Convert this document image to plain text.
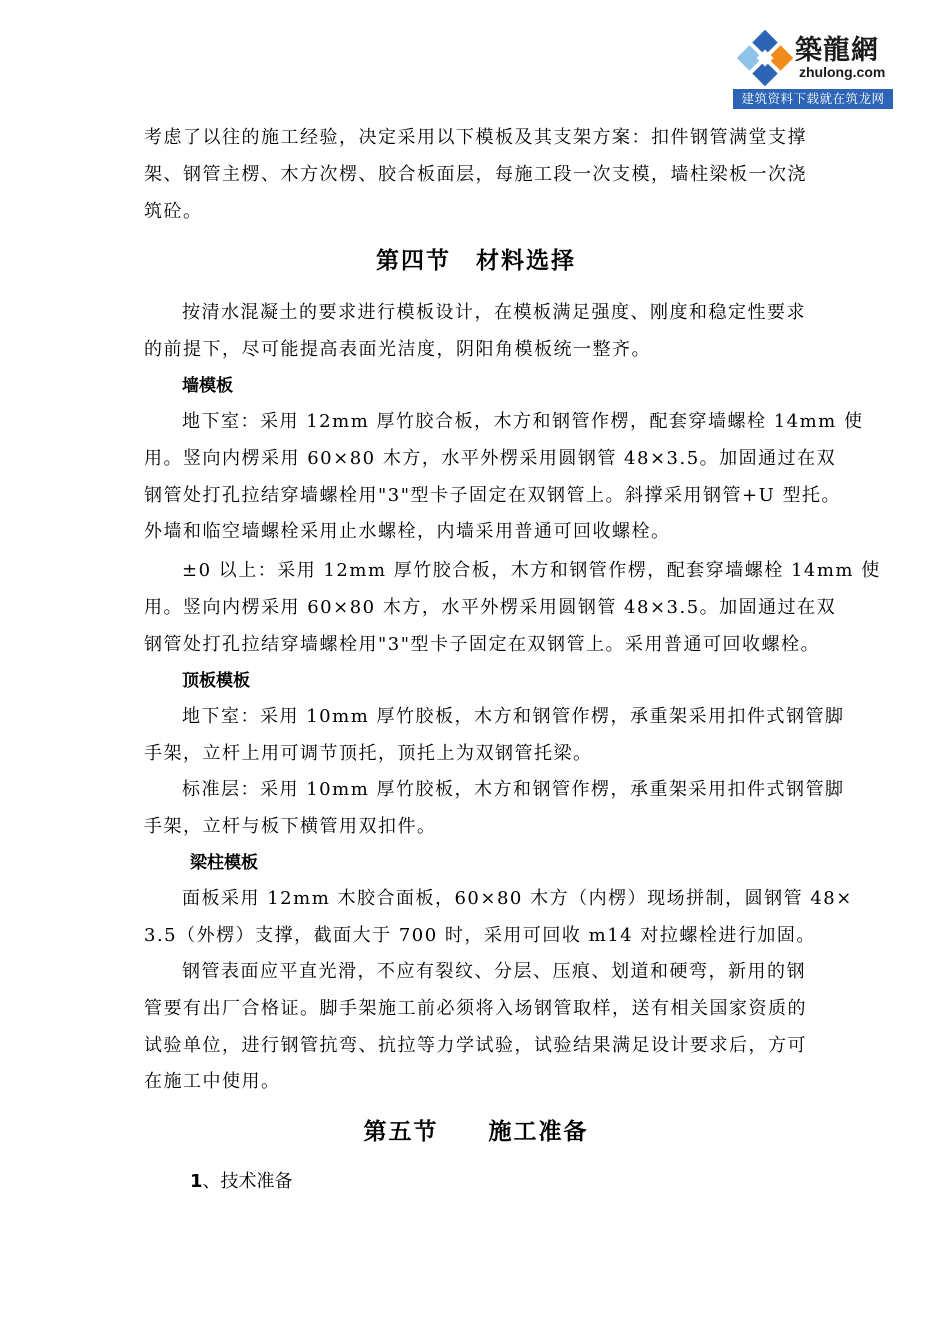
築龍網
zhulong.com
建筑资料下载就在筑龙网
考虑了以往的施工经验，决定采用以下模板及其支架方案：扣件钢管满堂支撑
架、钢管主楞、木方次楞、胶合板面层，每施工段一次支模，墙柱梁板一次浇
筑砼。
第四节　材料选择
按清水混凝土的要求进行模板设计，在模板满足强度、刚度和稳定性要求
的前提下，尽可能提高表面光洁度，阴阳角模板统一整齐。
墙模板
地下室：采用 12mm 厚竹胶合板，木方和钢管作楞，配套穿墙螺栓 14mm 使
用。竖向内楞采用 60×80 木方，水平外楞采用圆钢管 48×3.5。加固通过在双
钢管处打孔拉结穿墙螺栓用"3"型卡子固定在双钢管上。斜撑采用钢管+U 型托。
外墙和临空墙螺栓采用止水螺栓，内墙采用普通可回收螺栓。
±0 以上：采用 12mm 厚竹胶合板，木方和钢管作楞，配套穿墙螺栓 14mm 使
用。竖向内楞采用 60×80 木方，水平外楞采用圆钢管 48×3.5。加固通过在双
钢管处打孔拉结穿墙螺栓用"3"型卡子固定在双钢管上。采用普通可回收螺栓。
顶板模板
地下室：采用 10mm 厚竹胶板，木方和钢管作楞，承重架采用扣件式钢管脚
手架，立杆上用可调节顶托，顶托上为双钢管托梁。
标准层：采用 10mm 厚竹胶板，木方和钢管作楞，承重架采用扣件式钢管脚
手架，立杆与板下横管用双扣件。
梁柱模板
面板采用 12mm 木胶合面板，60×80 木方（内楞）现场拼制，圆钢管 48×
3.5（外楞）支撑，截面大于 700 时，采用可回收 m14 对拉螺栓进行加固。
钢管表面应平直光滑，不应有裂纹、分层、压痕、划道和硬弯，新用的钢
管要有出厂合格证。脚手架施工前必须将入场钢管取样，送有相关国家资质的
试验单位，进行钢管抗弯、抗拉等力学试验，试验结果满足设计要求后，方可
在施工中使用。
第五节　　施工准备
1、技术准备
